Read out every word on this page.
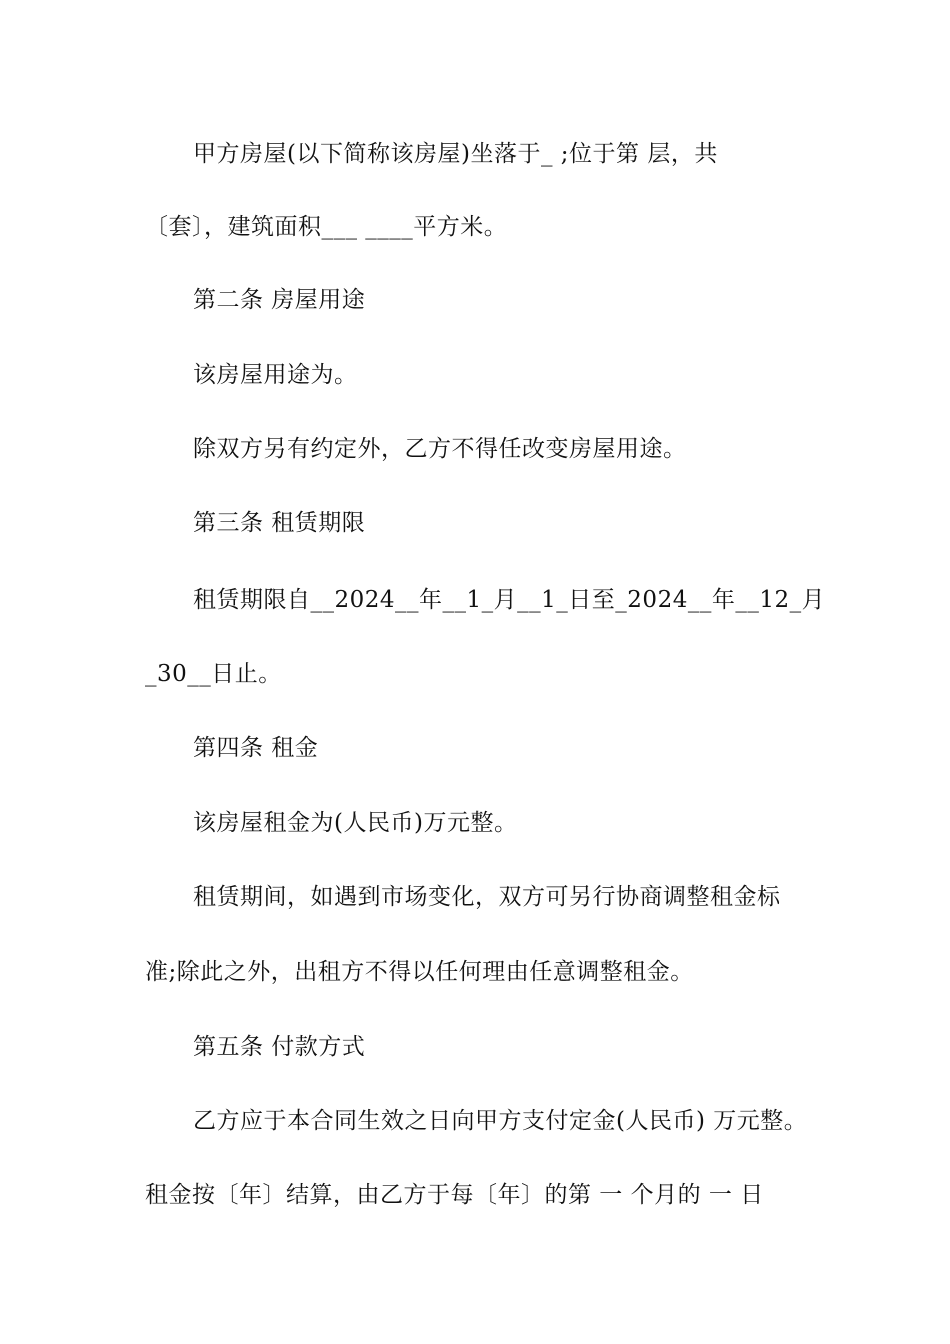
甲方房屋(以下简称该房屋)坐落于_ ;位于第 层，共
〔套〕，建筑面积___ ____平方米。
第二条 房屋用途
该房屋用途为。
除双方另有约定外，乙方不得任改变房屋用途。
第三条 租赁期限
租赁期限自__2024__年__1_月__1_日至_2024__年__12_月
_30__日止。
第四条 租金
该房屋租金为(人民币)万元整。
租赁期间，如遇到市场变化，双方可另行协商调整租金标
准;除此之外，出租方不得以任何理由任意调整租金。
第五条 付款方式
乙方应于本合同生效之日向甲方支付定金(人民币) 万元整。
租金按〔年〕结算，由乙方于每〔年〕的第 一 个月的 一 日
